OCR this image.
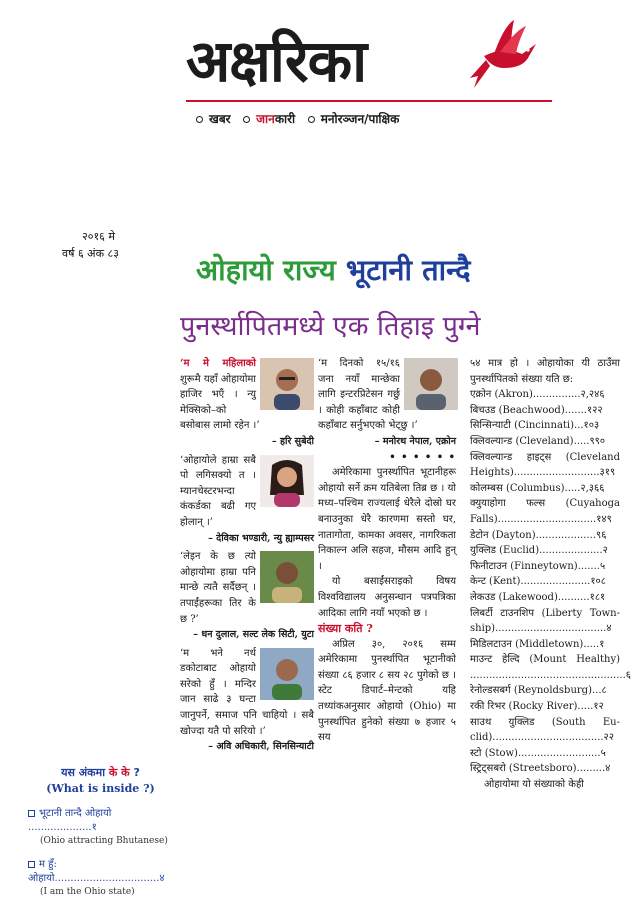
अक्षरिका
खबर जानकारी मनोरञ्जन/पाक्षिक
२०१६ मे
वर्ष ६ अंक ८३	ओहायो राज्य भूटानी तान्दै
पुनर्स्थापितमध्ये एक तिहाइ पुग्ने
‘म मेे महिलाको शुरूमै यहाँ ओहायोमा हाजिर भएँ । न्यु मेक्सिको–को बसोबास लामो रहेन ।’
– हरि सुबेदी
‘ओहायोले हाम्रा सबै पो लगिसक्यो त । म्यानचेस्टरभन्दा कंकर्डका बढी गए होलान् ।’
– देविका भण्डारी, न्यु ह्याम्पसर
‘लेइन के छ त्यो ओहायोमा हाम्रा पनि मान्छे त्यतै सर्दैछन् । तपाईंहरूका तिर के छ ?’
– धन दुलाल, सल्ट लेक सिटी, युटा
‘म भने नर्थ डकोटाबाट ओहायो सरेको हुँ । मन्दिर जान साढे ३ घन्टा जानुपर्ने, समाज पनि चाहियो । सबै खोज्दा यतै पो सरियो ।’
– अवि अधिकारी, सिनसिन्याटी
‘म दिनको १५/१६ जना नयाँ मान्छेका लागि इन्टरप्रिटेसन गर्छु । कोही कहाँबाट कोही कहाँबाट सर्नुभएको भेट्छु ।’
– मनोरथ नेपाल, एक्रोन
• • • • • •

अमेरिकामा पुनर्स्थापित भूटानीहरू ओहायो सर्ने क्रम यतिबेला तिब्र छ । यो मध्य–पश्चिम राज्यलाई धेरैले दोस्रो घर बनाउनुका धेरै कारणमा सस्तो घर, नातागोता, कामका अवसर, नागरिकता निकाल्न अलि सहज, मौसम आदि हुन् ।

यो बसाईंसराइको विषय विश्वविद्यालय अनुसन्धान पत्रपत्रिका आदिका लागि नयाँ भएको छ ।

संख्या कति ?

अप्रिल ३०, २०१६ सम्म अमेरिकामा पुनर्स्थापित भूटानीको संख्या ८६ हजार ८ सय २८ पुगेको छ । स्टेट डिपार्ट–मेन्टको यहि तथ्यांकअनुसार ओहायो (Ohio) मा पुनर्स्थापित हुनेको संख्या ७ हजार ५ सय

५४ मात्र हो । ओहायोका यी ठाउँमा पुनर्स्थापितको संख्या यति छ:

एक्रोन (Akron)...............२,२४६
बिचउड (Beachwood).......१२२
सिन्सिन्याटी (Cincinnati)...१०३
क्लिवल्यान्ड (Cleveland).....९९०
क्लिवल्यान्ड हाइट्स (Cleveland Heights)...........................३१९
कोलम्बस (Columbus).....२,३६६
क्युयाहोगा फल्स (Cuyahoga Falls)...............................१४९
डेटोन (Dayton)...................९६
युक्लिड (Euclid)....................२
फिनीटाउन (Finneytown).......५
केन्ट (Kent)......................१०८
लेकउड (Lakewood)..........१८१
लिबर्टी टाउनशिप (Liberty Town-ship)...................................४
मिडिलटाउन (Middletown).....१
माउन्ट हेल्दि (Mount Healthy) .................................................६
रेनोल्डसबर्ग (Reynoldsburg)...८
रकी रिभर (Rocky River).....१२
साउथ युक्लिड (South Eu-clid)...................................२२
स्टो (Stow)..........................५
स्ट्रिट्सबरो (Streetsboro).........४

ओहायोमा यो संख्याको केही

यस अंकमा के के ?
(What is inside ?)
भूटानी तान्दै ओहायो ....................१
(Ohio attracting Bhutanese)
म हुँ: ओहायो.................................४
(I am the Ohio state)
